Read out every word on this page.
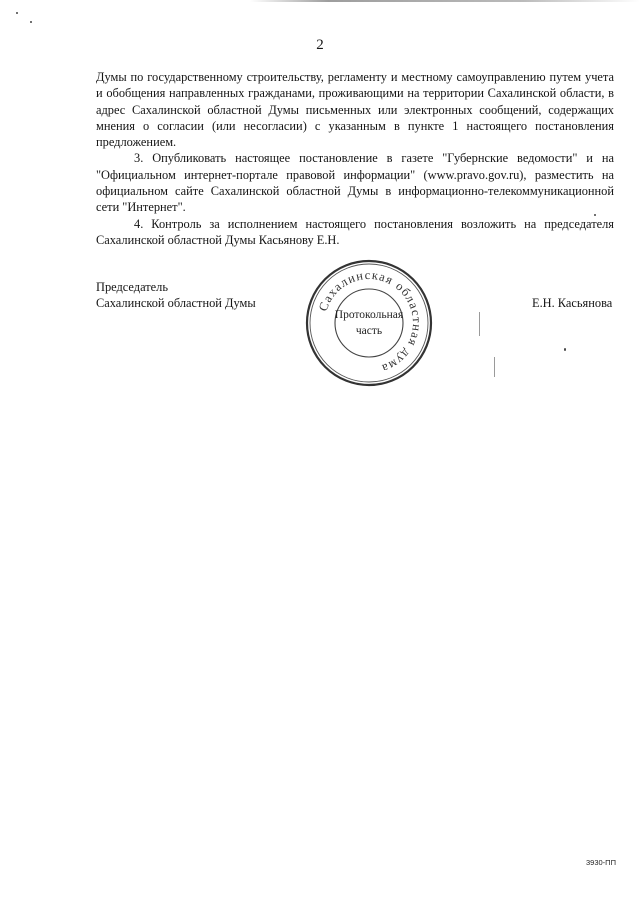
2

Думы по государственному строительству, регламенту и местному самоуправлению путем учета и обобщения направленных гражданами, проживающими на территории Сахалинской области, в адрес Сахалинской областной Думы письменных или электронных сообщений, содержащих мнения о согласии (или несогласии) с указанным в пункте 1 настоящего постановления предложением.

3. Опубликовать настоящее постановление в газете "Губернские ведомости" и на "Официальном интернет-портале правовой информации" (www.pravo.gov.ru), разместить на официальном сайте Сахалинской областной Думы в информационно-телекоммуникационной сети "Интернет".

4. Контроль за исполнением настоящего постановления возложить на председателя Сахалинской областной Думы Касьянову Е.Н.

Председатель
Сахалинской областной Думы	Сахалинская областная дума
Протокольная
часть
Е.Н. Касьянова
3930-ПП
